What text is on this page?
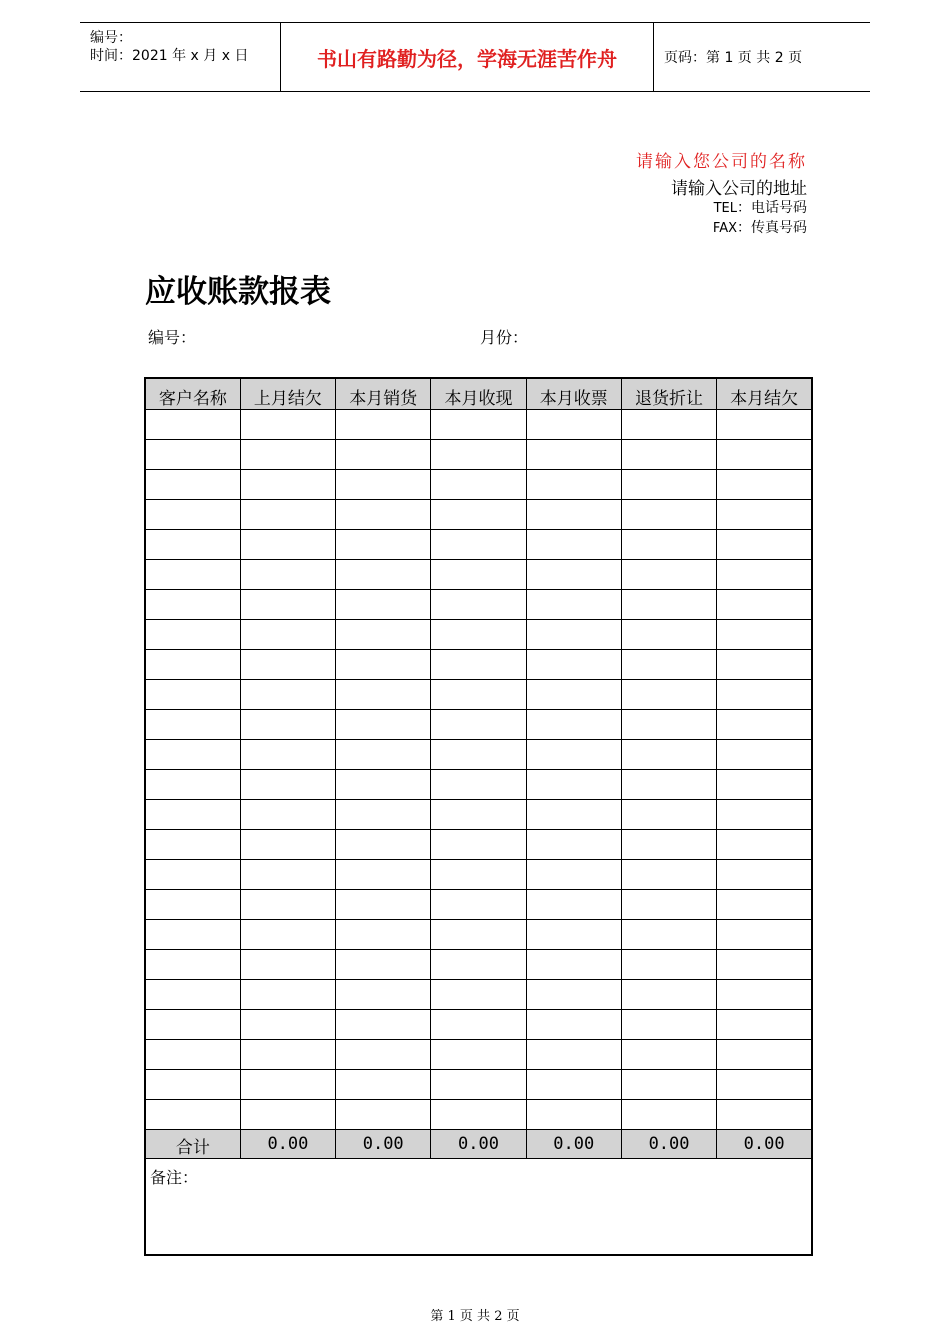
编号：
时间：2021 年 x 月 x 日	书山有路勤为径，学海无涯苦作舟	页码：第 1 页 共 2 页
请输入您公司的名称
请输入公司的地址
TEL：电话号码
FAX：传真号码
应收账款报表
编号：	月份：
客户名称	上月结欠	本月销货	本月收现	本月收票	退货折让	本月结欠

合计	0.00	0.00	0.00	0.00	0.00	0.00
备注：						
第 1 页 共 2 页
